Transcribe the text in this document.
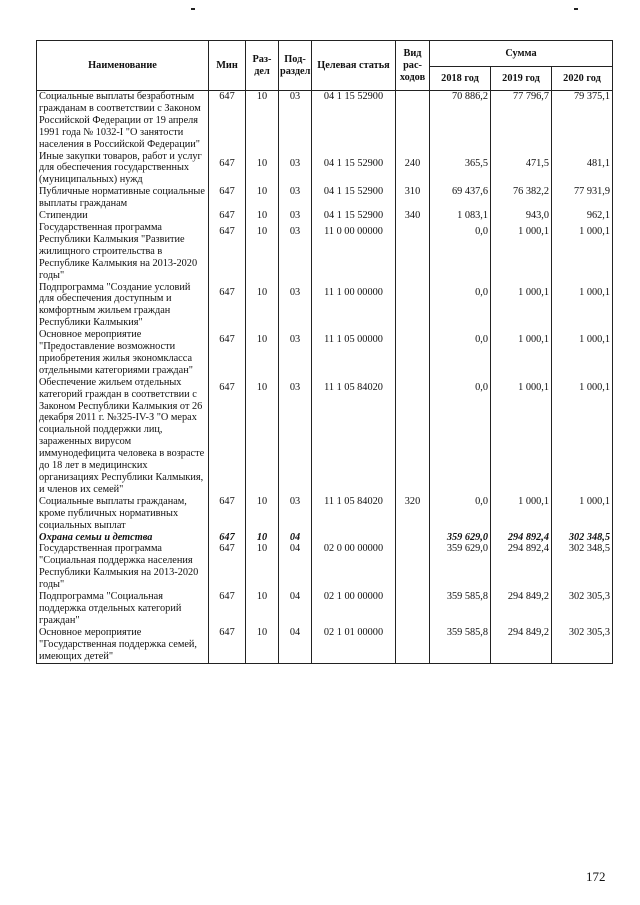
Наименование	Мин	Раз-дел	Под-раздел	Целевая статья	Вид рас-ходов	Сумма		
						2018 год	2019 год	2020 год
Социальные выплаты безработным гражданам в соответствии с Законом Российской Федерации от 19 апреля 1991 года № 1032-I "О занятости населения в Российской Федерации"	647	10	03	04 1 15 52900		70 886,2	77 796,7	79 375,1
Иные закупки товаров, работ и услуг для обеспечения государственных (муниципальных) нужд	647	10	03	04 1 15 52900	240	365,5	471,5	481,1
Публичные нормативные социальные выплаты гражданам	647	10	03	04 1 15 52900	310	69 437,6	76 382,2	77 931,9
Стипендии	647	10	03	04 1 15 52900	340	1 083,1	943,0	962,1
Государственная программа Республики Калмыкия "Развитие жилищного строительства в Республике Калмыкия на 2013-2020 годы"	647	10	03	11 0 00 00000		0,0	1 000,1	1 000,1
Подпрограмма "Создание условий для обеспечения доступным и комфортным жильем граждан Республики Калмыкия"	647	10	03	11 1 00 00000		0,0	1 000,1	1 000,1
Основное мероприятие "Предоставление возможности приобретения жилья экономкласса отдельными категориями граждан"	647	10	03	11 1 05 00000		0,0	1 000,1	1 000,1
Обеспечение жильем отдельных категорий граждан в соответствии с Законом Республики Калмыкия от 26 декабря 2011 г. №325-IV-З "О мерах социальной поддержки лиц, зараженных вирусом иммунодефицита человека в возрасте до 18 лет в медицинских организациях Республики Калмыкия, и членов их семей"	647	10	03	11 1 05 84020		0,0	1 000,1	1 000,1
Социальные выплаты гражданам, кроме публичных нормативных социальных выплат	647	10	03	11 1 05 84020	320	0,0	1 000,1	1 000,1
Охрана семьи и детства	647	10	04			359 629,0	294 892,4	302 348,5
Государственная программа "Социальная поддержка населения Республики Калмыкия на 2013-2020 годы"	647	10	04	02 0 00 00000		359 629,0	294 892,4	302 348,5
Подпрограмма "Социальная поддержка отдельных категорий граждан"	647	10	04	02 1 00 00000		359 585,8	294 849,2	302 305,3
Основное мероприятие "Государственная поддержка семей, имеющих детей"	647	10	04	02 1 01 00000		359 585,8	294 849,2	302 305,3
172
